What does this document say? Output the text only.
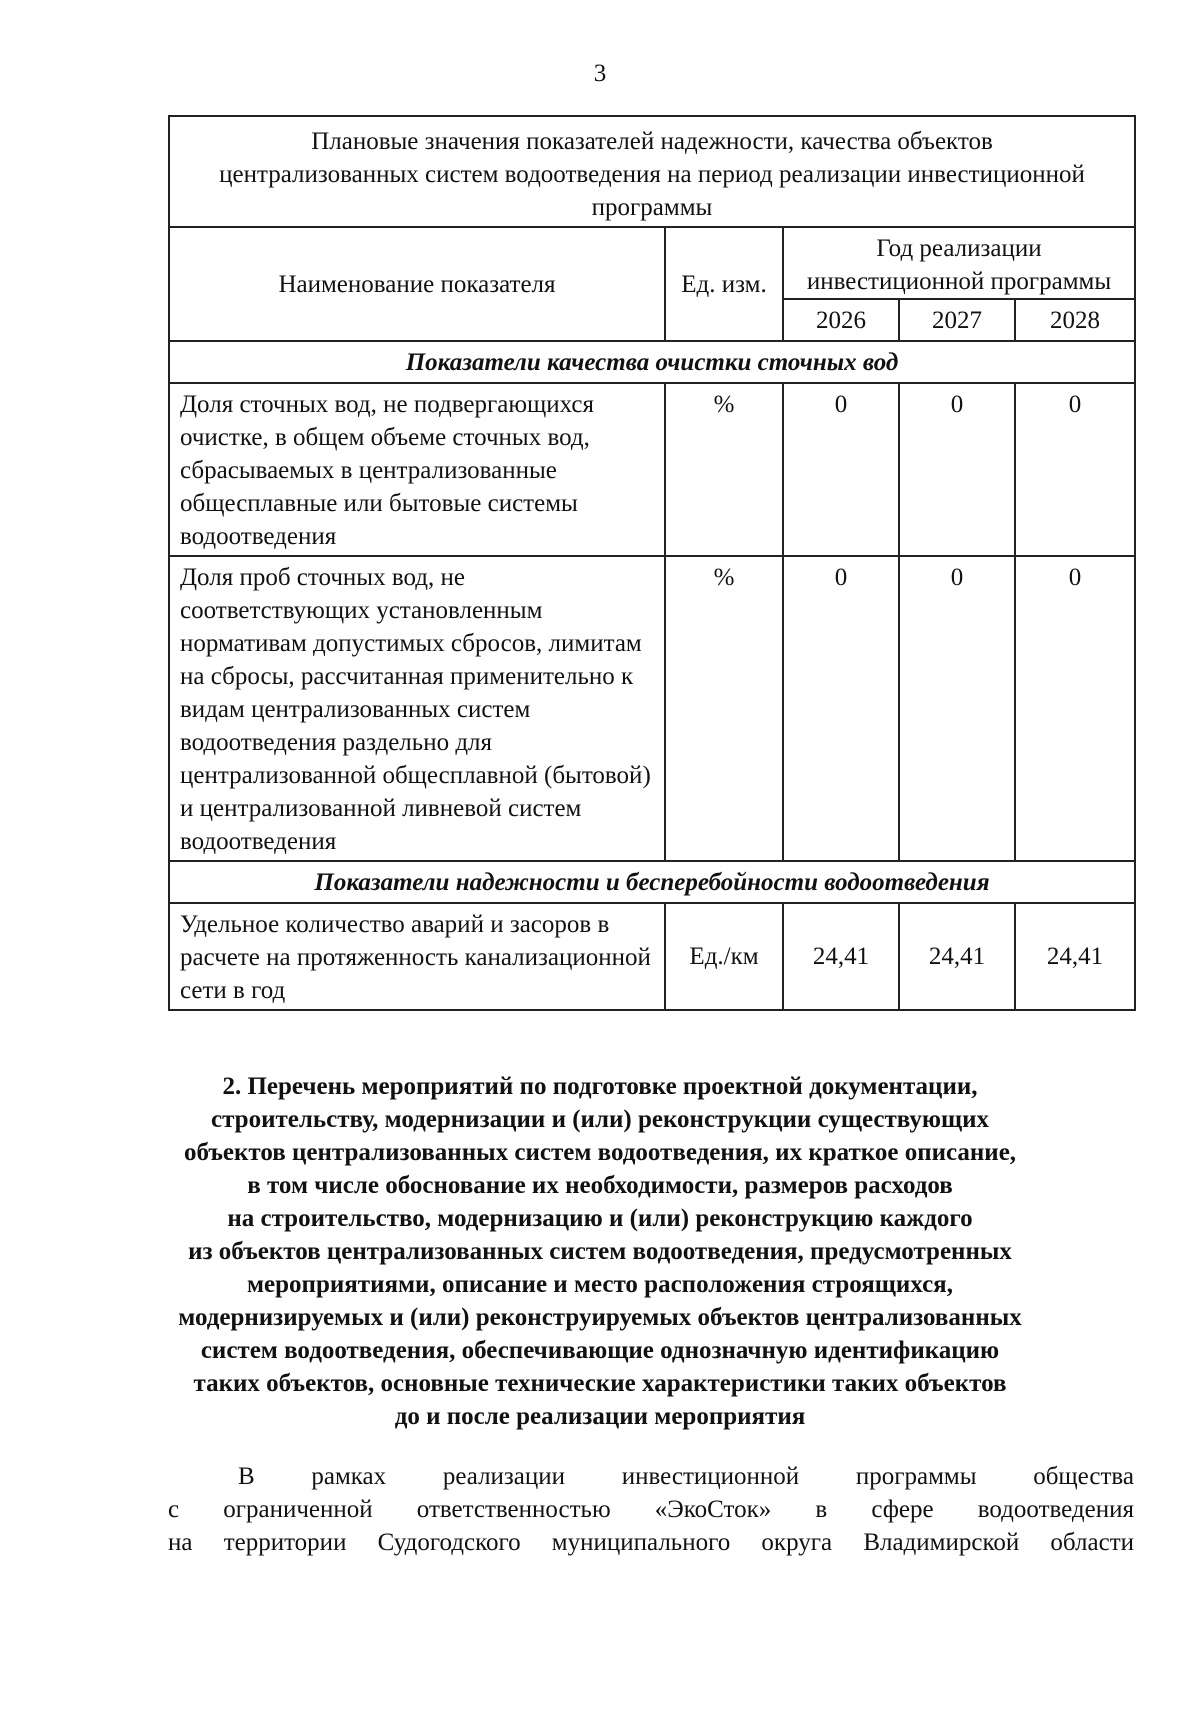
3
Плановые значения показателей надежности, качества объектов централизованных систем водоотведения на период реализации инвестиционной программы				
Наименование показателя	Ед. изм.	Год реализации инвестиционной программы		
		2026	2027	2028
Показатели качества очистки сточных вод				
Доля сточных вод, не подвергающихся очистке, в общем объеме сточных вод, сбрасываемых в централизованные общесплавные или бытовые системы водоотведения	%	0	0	0
Доля проб сточных вод, не соответствующих установленным нормативам допустимых сбросов, лимитам на сбросы, рассчитанная применительно к видам централизованных систем водоотведения раздельно для централизованной общесплавной (бытовой) и централизованной ливневой систем водоотведения	%	0	0	0
Показатели надежности и бесперебойности водоотведения				
Удельное количество аварий и засоров в расчете на протяженность канализационной сети в год	Ед./км	24,41	24,41	24,41
2. Перечень мероприятий по подготовке проектной документации,
строительству, модернизации и (или) реконструкции существующих
объектов централизованных систем водоотведения, их краткое описание,
в том числе обоснование их необходимости, размеров расходов
на строительство, модернизацию и (или) реконструкцию каждого
из объектов централизованных систем водоотведения, предусмотренных
мероприятиями, описание и место расположения строящихся,
модернизируемых и (или) реконструируемых объектов централизованных
систем водоотведения, обеспечивающие однозначную идентификацию
таких объектов, основные технические характеристики таких объектов
до и после реализации мероприятия
В рамках реализации инвестиционной программы общества
с ограниченной ответственностью «ЭкоСток» в сфере водоотведения
на территории Судогодского муниципального округа Владимирской области
